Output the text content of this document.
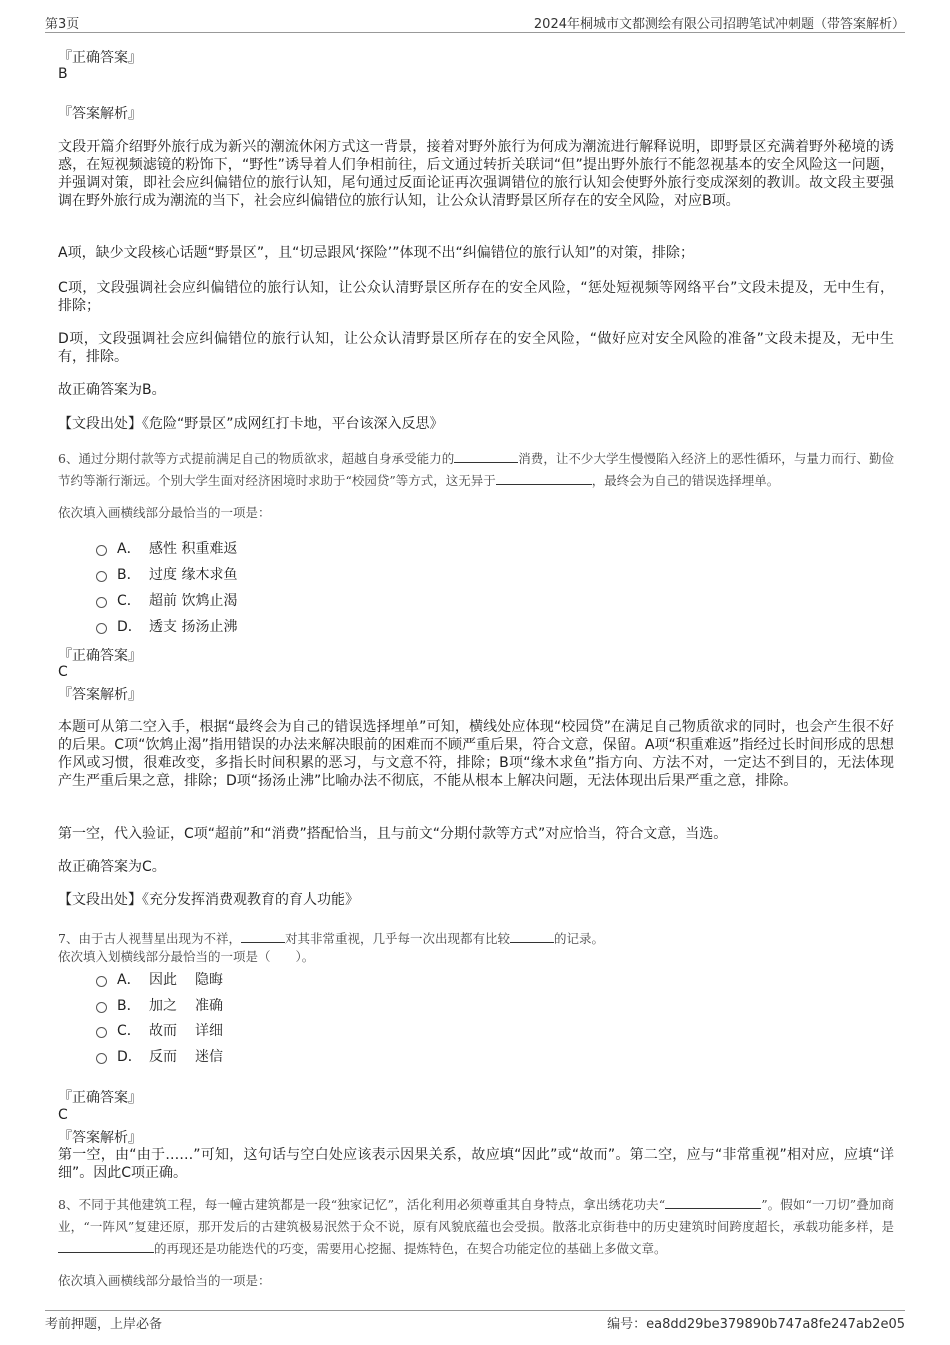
第3页	2024年桐城市文都测绘有限公司招聘笔试冲刺题（带答案解析）
『正确答案』
B
『答案解析』
文段开篇介绍野外旅行成为新兴的潮流休闲方式这一背景，接着对野外旅行为何成为潮流进行解释说明，即野景区充满着野外秘境的诱惑，在短视频滤镜的粉饰下，“野性”诱导着人们争相前往，后文通过转折关联词“但”提出野外旅行不能忽视基本的安全风险这一问题，并强调对策，即社会应纠偏错位的旅行认知，尾句通过反面论证再次强调错位的旅行认知会使野外旅行变成深刻的教训。故文段主要强调在野外旅行成为潮流的当下，社会应纠偏错位的旅行认知，让公众认清野景区所存在的安全风险，对应B项。
A项，缺少文段核心话题“野景区”，且“切忌跟风‘探险’”体现不出“纠偏错位的旅行认知”的对策，排除；
C项，文段强调社会应纠偏错位的旅行认知，让公众认清野景区所存在的安全风险，“惩处短视频等网络平台”文段未提及，无中生有，排除；
D项，文段强调社会应纠偏错位的旅行认知，让公众认清野景区所存在的安全风险，“做好应对安全风险的准备”文段未提及，无中生有，排除。
故正确答案为B。
【文段出处】《危险“野景区”成网红打卡地，平台该深入反思》
6、通过分期付款等方式提前满足自己的物质欲求，超越自身承受能力的	消费，让不少大学生慢慢陷入经济上的恶性循环，与量力而行、勤俭节约等渐行渐远。个别大学生面对经济困境时求助于“校园贷”等方式，这无异于	，最终会为自己的错误选择埋单。
依次填入画横线部分最恰当的一项是：
A． 感性 积重难返
B． 过度 缘木求鱼
C． 超前 饮鸩止渴
D． 透支 扬汤止沸
『正确答案』
C
『答案解析』
本题可从第二空入手，根据“最终会为自己的错误选择埋单”可知，横线处应体现“校园贷”在满足自己物质欲求的同时，也会产生很不好的后果。C项“饮鸩止渴”指用错误的办法来解决眼前的困难而不顾严重后果，符合文意，保留。A项“积重难返”指经过长时间形成的思想作风或习惯，很难改变，多指长时间积累的恶习，与文意不符，排除；B项“缘木求鱼”指方向、方法不对，一定达不到目的，无法体现产生严重后果之意，排除；D项“扬汤止沸”比喻办法不彻底，不能从根本上解决问题，无法体现出后果严重之意，排除。
第一空，代入验证，C项“超前”和“消费”搭配恰当，且与前文“分期付款等方式”对应恰当，符合文意，当选。
故正确答案为C。
【文段出处】《充分发挥消费观教育的育人功能》
7、由于古人视彗星出现为不祥，	对其非常重视，几乎每一次出现都有比较	的记录。
依次填入划横线部分最恰当的一项是（　　）。
A． 因此	隐晦
B． 加之	准确
C． 故而	详细
D． 反而	迷信
『正确答案』
C
『答案解析』
第一空，由“由于……”可知，这句话与空白处应该表示因果关系，故应填“因此”或“故而”。第二空，应与“非常重视”相对应，应填“详细”。因此C项正确。
8、不同于其他建筑工程，每一幢古建筑都是一段“独家记忆”，活化利用必须尊重其自身特点，拿出绣花功夫“	”。假如“一刀切”叠加商业，“一阵风”复建还原，那开发后的古建筑极易泯然于众不说，原有风貌底蕴也会受损。散落北京街巷中的历史建筑时间跨度超长，承载功能多样，是的再现还是功能迭代的巧变，需要用心挖掘、提炼特色，在契合功能定位的基础上多做文章。
依次填入画横线部分最恰当的一项是：
考前押题，上岸必备	编号：ea8dd29be379890b747a8fe247ab2e05
